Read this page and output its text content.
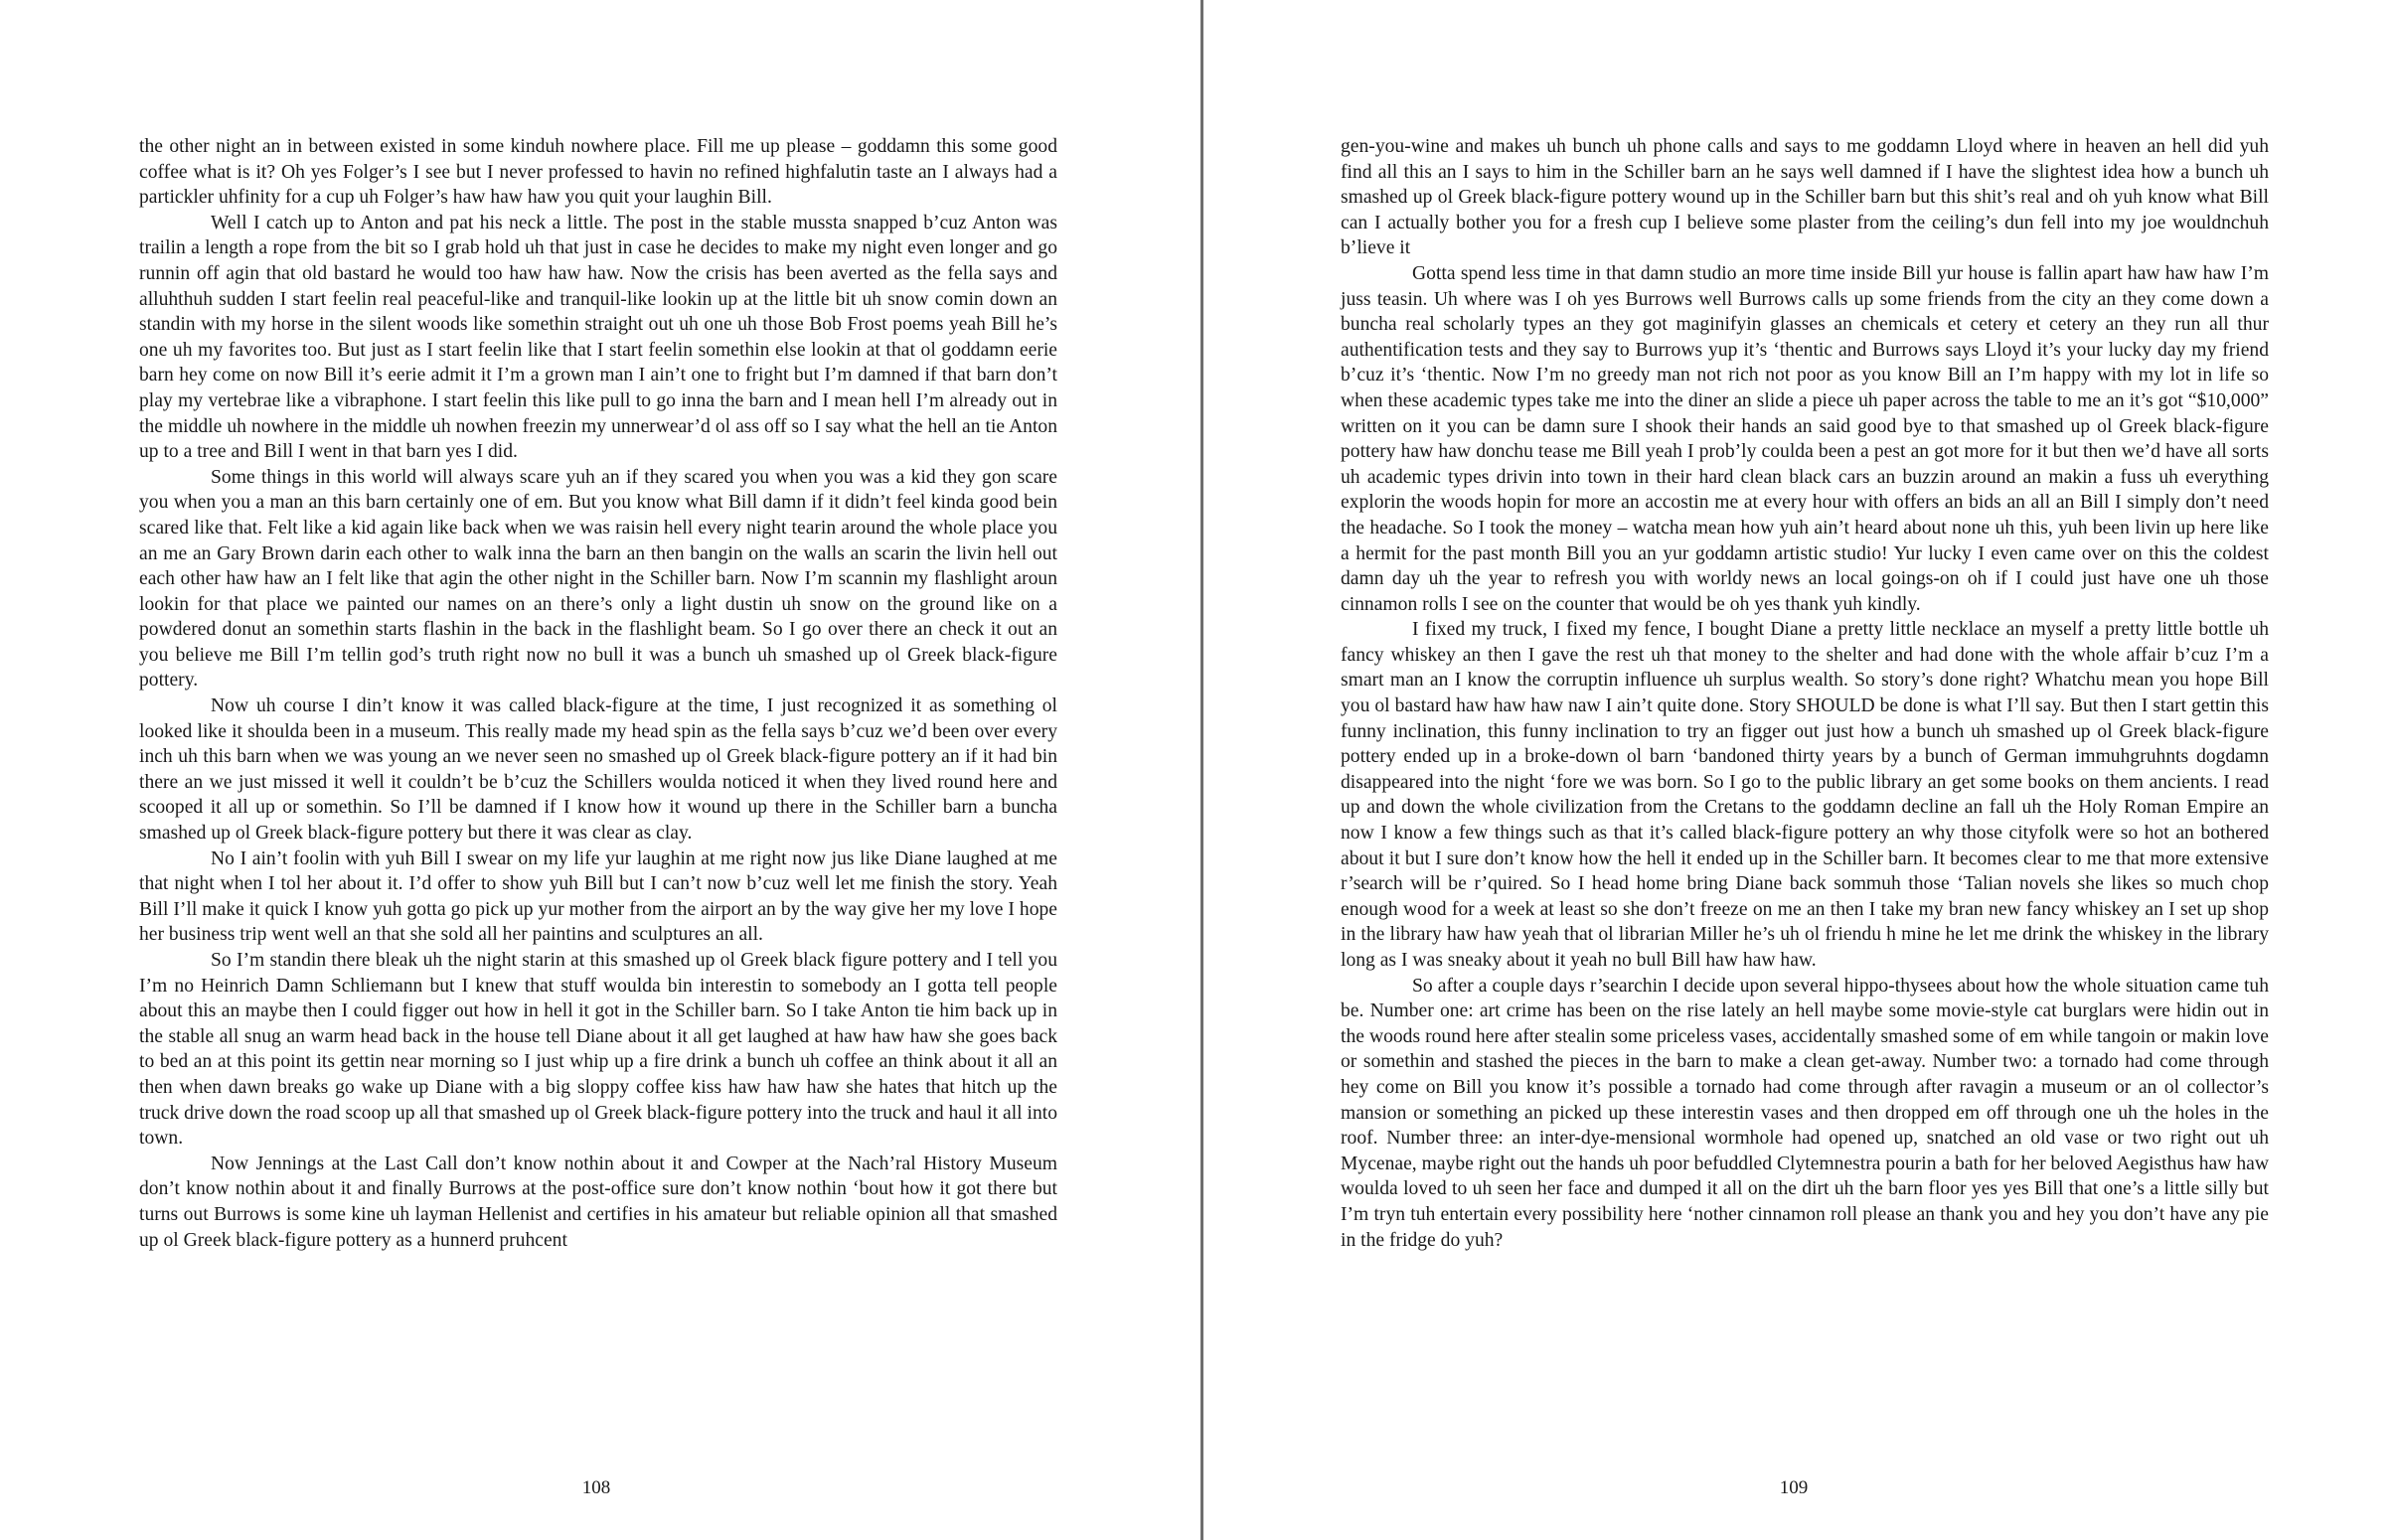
the other night an in between existed in some kinduh nowhere place. Fill me up please – goddamn this some good coffee what is it? Oh yes Folger’s I see but I never professed to havin no refined highfalutin taste an I always had a partickler uhfinity for a cup uh Folger’s haw haw haw you quit your laughin Bill.

Well I catch up to Anton and pat his neck a little. The post in the stable mussta snapped b’cuz Anton was trailin a length a rope from the bit so I grab hold uh that just in case he decides to make my night even longer and go runnin off agin that old bastard he would too haw haw haw. Now the crisis has been averted as the fella says and alluhthuh sudden I start feelin real peaceful-like and tranquil-like lookin up at the little bit uh snow comin down an standin with my horse in the silent woods like somethin straight out uh one uh those Bob Frost poems yeah Bill he’s one uh my favorites too. But just as I start feelin like that I start feelin somethin else lookin at that ol goddamn eerie barn hey come on now Bill it’s eerie admit it I’m a grown man I ain’t one to fright but I’m damned if that barn don’t play my vertebrae like a vibraphone. I start feelin this like pull to go inna the barn and I mean hell I’m already out in the middle uh nowhere in the middle uh nowhen freezin my unnerwear’d ol ass off so I say what the hell an tie Anton up to a tree and Bill I went in that barn yes I did.

Some things in this world will always scare yuh an if they scared you when you was a kid they gon scare you when you a man an this barn certainly one of em. But you know what Bill damn if it didn’t feel kinda good bein scared like that. Felt like a kid again like back when we was raisin hell every night tearin around the whole place you an me an Gary Brown darin each other to walk inna the barn an then bangin on the walls an scarin the livin hell out each other haw haw an I felt like that agin the other night in the Schiller barn. Now I’m scannin my flashlight aroun lookin for that place we painted our names on an there’s only a light dustin uh snow on the ground like on a powdered donut an somethin starts flashin in the back in the flashlight beam. So I go over there an check it out an you believe me Bill I’m tellin god’s truth right now no bull it was a bunch uh smashed up ol Greek black-figure pottery.

Now uh course I din’t know it was called black-figure at the time, I just recognized it as something ol looked like it shoulda been in a museum. This really made my head spin as the fella says b’cuz we’d been over every inch uh this barn when we was young an we never seen no smashed up ol Greek black-figure pottery an if it had bin there an we just missed it well it couldn’t be b’cuz the Schillers woulda noticed it when they lived round here and scooped it all up or somethin. So I’ll be damned if I know how it wound up there in the Schiller barn a buncha smashed up ol Greek black-figure pottery but there it was clear as clay.

No I ain’t foolin with yuh Bill I swear on my life yur laughin at me right now jus like Diane laughed at me that night when I tol her about it. I’d offer to show yuh Bill but I can’t now b’cuz well let me finish the story. Yeah Bill I’ll make it quick I know yuh gotta go pick up yur mother from the airport an by the way give her my love I hope her business trip went well an that she sold all her paintins and sculptures an all.

So I’m standin there bleak uh the night starin at this smashed up ol Greek black figure pottery and I tell you I’m no Heinrich Damn Schliemann but I knew that stuff woulda bin interestin to somebody an I gotta tell people about this an maybe then I could figger out how in hell it got in the Schiller barn. So I take Anton tie him back up in the stable all snug an warm head back in the house tell Diane about it all get laughed at haw haw haw she goes back to bed an at this point its gettin near morning so I just whip up a fire drink a bunch uh coffee an think about it all an then when dawn breaks go wake up Diane with a big sloppy coffee kiss haw haw haw she hates that hitch up the truck drive down the road scoop up all that smashed up ol Greek black-figure pottery into the truck and haul it all into town.

Now Jennings at the Last Call don’t know nothin about it and Cowper at the Nach’ral History Museum don’t know nothin about it and finally Burrows at the post-office sure don’t know nothin ‘bout how it got there but turns out Burrows is some kine uh layman Hellenist and certifies in his amateur but reliable opinion all that smashed up ol Greek black-figure pottery as a hunnerd pruhcent

108

gen-you-wine and makes uh bunch uh phone calls and says to me goddamn Lloyd where in heaven an hell did yuh find all this an I says to him in the Schiller barn an he says well damned if I have the slightest idea how a bunch uh smashed up ol Greek black-figure pottery wound up in the Schiller barn but this shit’s real and oh yuh know what Bill can I actually bother you for a fresh cup I believe some plaster from the ceiling’s dun fell into my joe wouldnchuh b’lieve it

Gotta spend less time in that damn studio an more time inside Bill yur house is fallin apart haw haw haw I’m juss teasin. Uh where was I oh yes Burrows well Burrows calls up some friends from the city an they come down a buncha real scholarly types an they got maginifyin glasses an chemicals et cetery et cetery an they run all thur authentification tests and they say to Burrows yup it’s ‘thentic and Burrows says Lloyd it’s your lucky day my friend b’cuz it’s ‘thentic. Now I’m no greedy man not rich not poor as you know Bill an I’m happy with my lot in life so when these academic types take me into the diner an slide a piece uh paper across the table to me an it’s got “$10,000” written on it you can be damn sure I shook their hands an said good bye to that smashed up ol Greek black-figure pottery haw haw donchu tease me Bill yeah I prob’ly coulda been a pest an got more for it but then we’d have all sorts uh academic types drivin into town in their hard clean black cars an buzzin around an makin a fuss uh everything explorin the woods hopin for more an accostin me at every hour with offers an bids an all an Bill I simply don’t need the headache. So I took the money – watcha mean how yuh ain’t heard about none uh this, yuh been livin up here like a hermit for the past month Bill you an yur goddamn artistic studio! Yur lucky I even came over on this the coldest damn day uh the year to refresh you with worldy news an local goings-on oh if I could just have one uh those cinnamon rolls I see on the counter that would be oh yes thank yuh kindly.

I fixed my truck, I fixed my fence, I bought Diane a pretty little necklace an myself a pretty little bottle uh fancy whiskey an then I gave the rest uh that money to the shelter and had done with the whole affair b’cuz I’m a smart man an I know the corruptin influence uh surplus wealth. So story’s done right? Whatchu mean you hope Bill you ol bastard haw haw haw naw I ain’t quite done. Story SHOULD be done is what I’ll say. But then I start gettin this funny inclination, this funny inclination to try an figger out just how a bunch uh smashed up ol Greek black-figure pottery ended up in a broke-down ol barn ‘bandoned thirty years by a bunch of German immuhgruhnts dogdamn disappeared into the night ‘fore we was born. So I go to the public library an get some books on them ancients. I read up and down the whole civilization from the Cretans to the goddamn decline an fall uh the Holy Roman Empire an now I know a few things such as that it’s called black-figure pottery an why those cityfolk were so hot an bothered about it but I sure don’t know how the hell it ended up in the Schiller barn. It becomes clear to me that more extensive r’search will be r’quired. So I head home bring Diane back sommuh those ‘Talian novels she likes so much chop enough wood for a week at least so she don’t freeze on me an then I take my bran new fancy whiskey an I set up shop in the library haw haw yeah that ol librarian Miller he’s uh ol friendu h mine he let me drink the whiskey in the library long as I was sneaky about it yeah no bull Bill haw haw haw.

So after a couple days r’searchin I decide upon several hippo-thysees about how the whole situation came tuh be. Number one: art crime has been on the rise lately an hell maybe some movie-style cat burglars were hidin out in the woods round here after stealin some priceless vases, accidentally smashed some of em while tangoin or makin love or somethin and stashed the pieces in the barn to make a clean get-away. Number two: a tornado had come through hey come on Bill you know it’s possible a tornado had come through after ravagin a museum or an ol collector’s mansion or something an picked up these interestin vases and then dropped em off through one uh the holes in the roof. Number three: an inter-dye-mensional wormhole had opened up, snatched an old vase or two right out uh Mycenae, maybe right out the hands uh poor befuddled Clytemnestra pourin a bath for her beloved Aegisthus haw haw woulda loved to uh seen her face and dumped it all on the dirt uh the barn floor yes yes Bill that one’s a little silly but I’m tryn tuh entertain every possibility here ‘nother cinnamon roll please an thank you and hey you don’t have any pie in the fridge do yuh?

109
